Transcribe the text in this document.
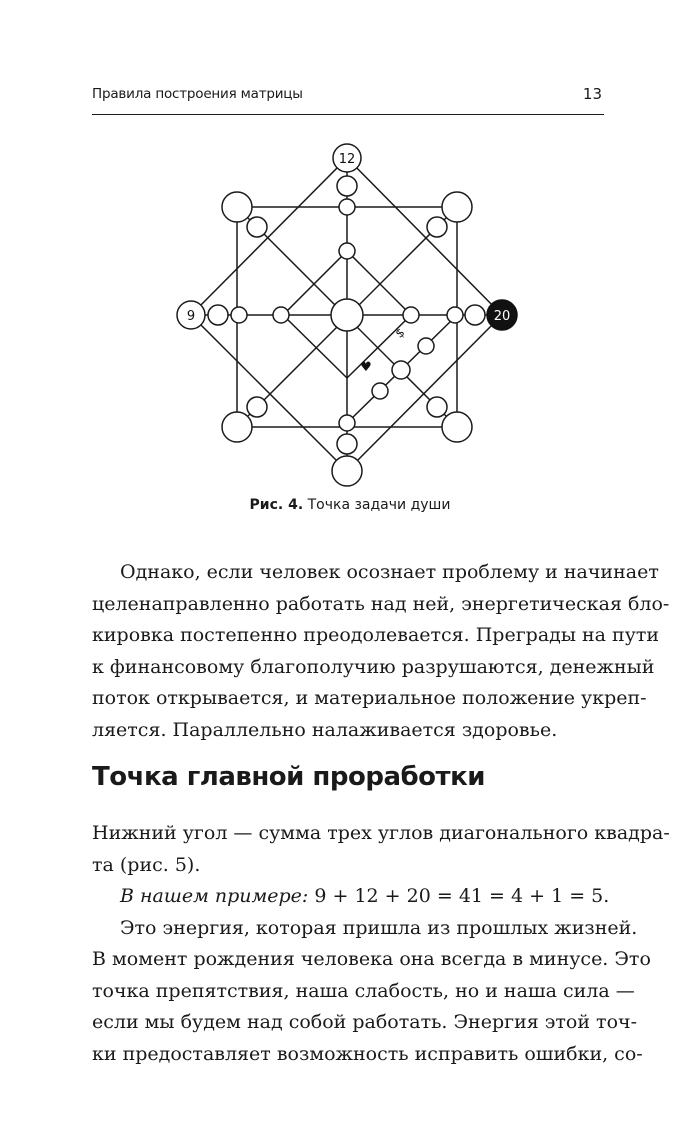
Правила построения матрицы	13
12
9	20
♥
$
Рис. 4. Точка задачи души

Однако, если человек осознает проблему и начинает
целенаправленно работать над ней, энергетическая бло-
кировка постепенно преодолевается. Преграды на пути
к финансовому благополучию разрушаются, денежный
поток открывается, и материальное положение укреп-
ляется. Параллельно налаживается здоровье.

Точка главной проработки

Нижний угол — сумма трех углов диагонального квадра-
та (рис. 5).
В нашем примере: 9 + 12 + 20 = 41 = 4 + 1 = 5.
Это энергия, которая пришла из прошлых жизней.
В момент рождения человека она всегда в минусе. Это
точка препятствия, наша слабость, но и наша сила —
если мы будем над собой работать. Энергия этой точ-
ки предоставляет возможность исправить ошибки, со-
